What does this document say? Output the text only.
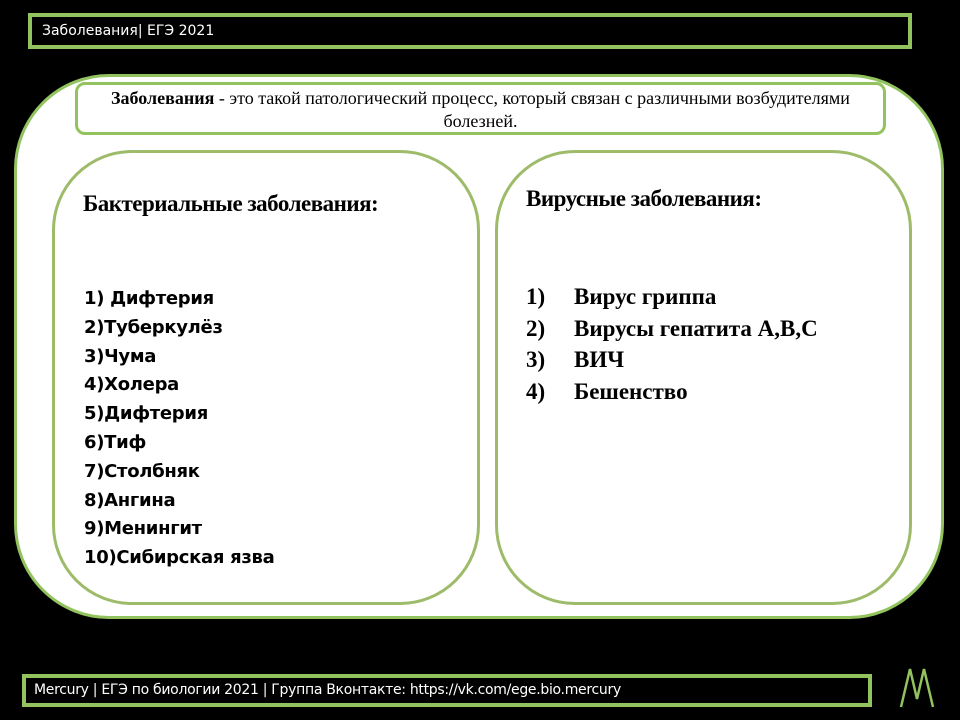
Заболевания| ЕГЭ 2021
Заболевания - это такой патологический процесс, который связан с различными возбудителями болезней.
Бактериальные заболевания:
1) Дифтерия
2)Туберкулёз
3)Чума
4)Холера
5)Дифтерия
6)Тиф
7)Столбняк
8)Ангина
9)Менингит
10)Сибирская язва
Вирусные заболевания:
1) Вирус гриппа
2) Вирусы гепатита А,В,С
3) ВИЧ
4) Бешенство
Mercury | ЕГЭ по биологии 2021 | Группа Вконтакте: https://vk.com/ege.bio.mercury
